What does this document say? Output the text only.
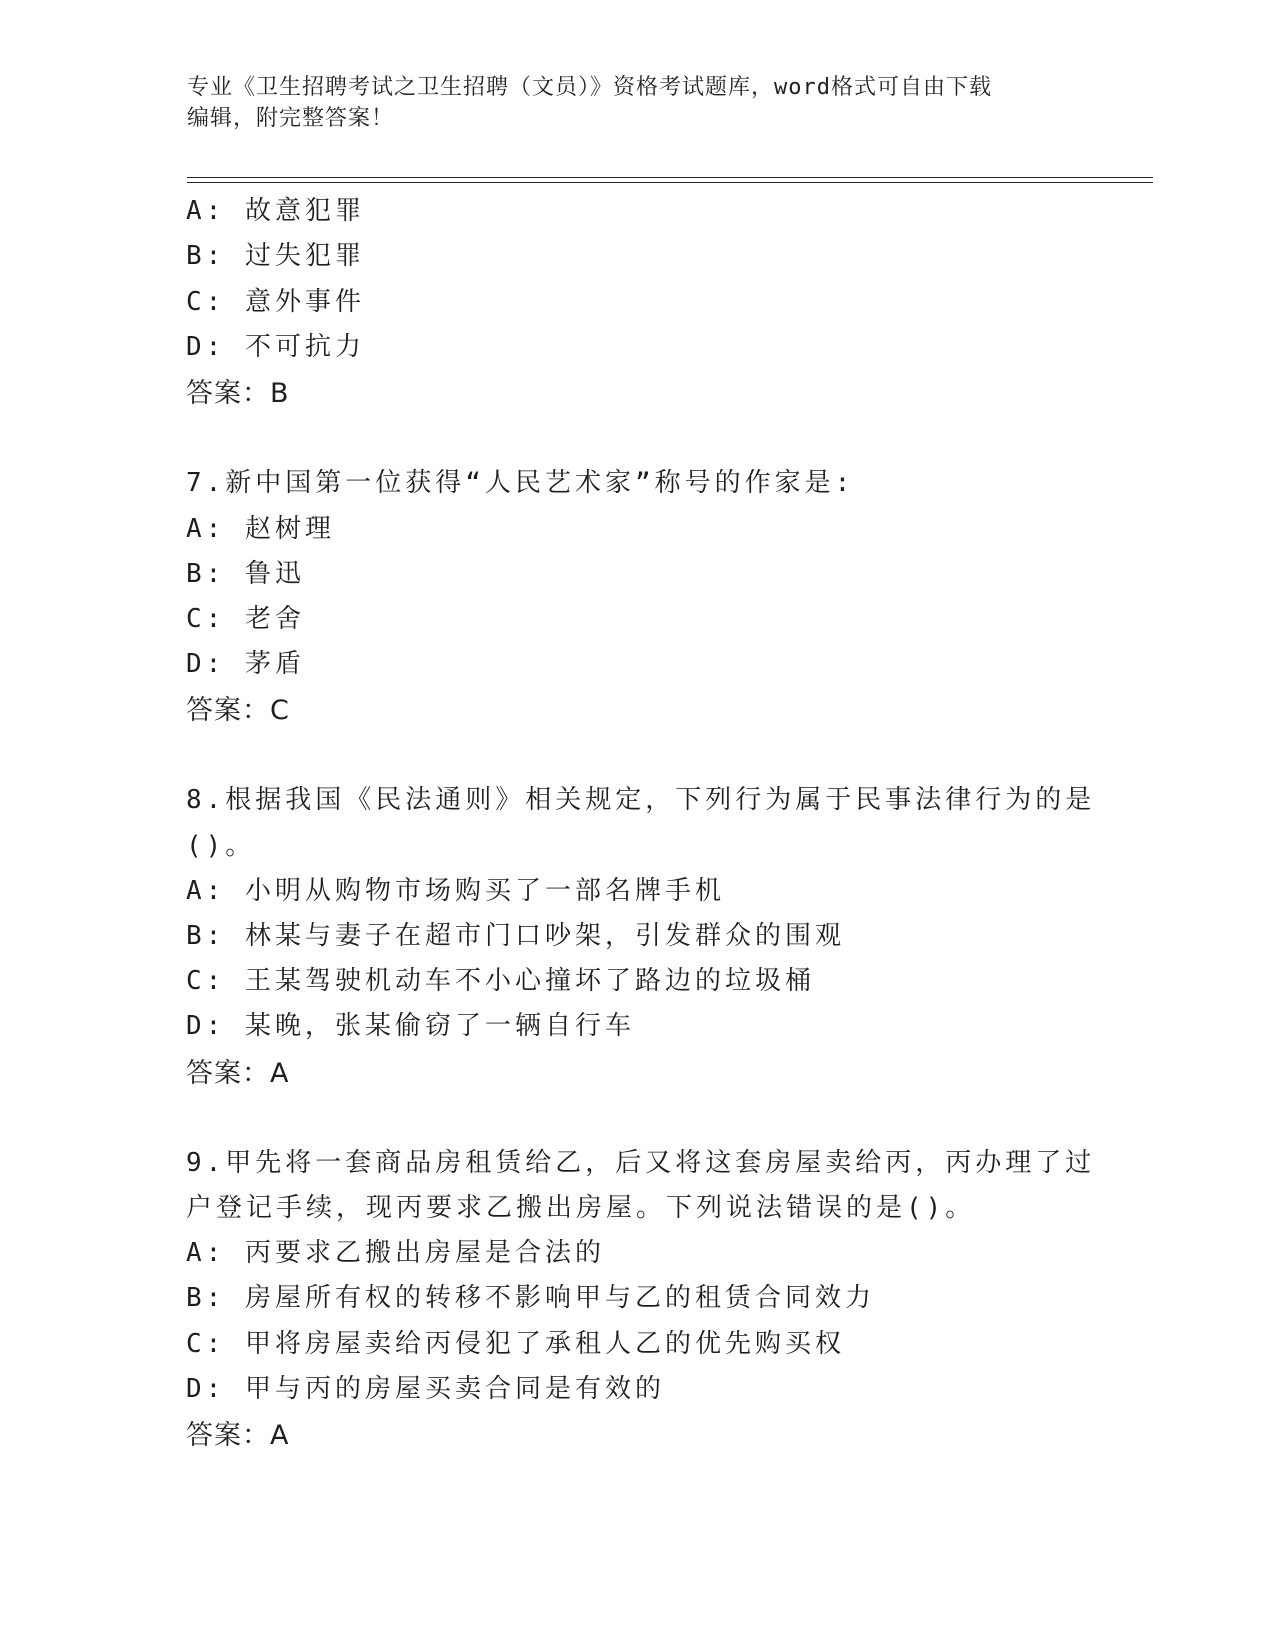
专业《卫生招聘考试之卫生招聘（文员）》资格考试题库，word格式可自由下载
编辑，附完整答案！
A: 故意犯罪
B: 过失犯罪
C: 意外事件
D: 不可抗力
答案：B
7.新中国第一位获得“人民艺术家”称号的作家是:
A: 赵树理
B: 鲁迅
C: 老舍
D: 茅盾
答案：C
8.根据我国《民法通则》相关规定，下列行为属于民事法律行为的是
()。
A: 小明从购物市场购买了一部名牌手机
B: 林某与妻子在超市门口吵架，引发群众的围观
C: 王某驾驶机动车不小心撞坏了路边的垃圾桶
D: 某晚，张某偷窃了一辆自行车
答案：A
9.甲先将一套商品房租赁给乙，后又将这套房屋卖给丙，丙办理了过
户登记手续，现丙要求乙搬出房屋。下列说法错误的是()。
A: 丙要求乙搬出房屋是合法的
B: 房屋所有权的转移不影响甲与乙的租赁合同效力
C: 甲将房屋卖给丙侵犯了承租人乙的优先购买权
D: 甲与丙的房屋买卖合同是有效的
答案：A
